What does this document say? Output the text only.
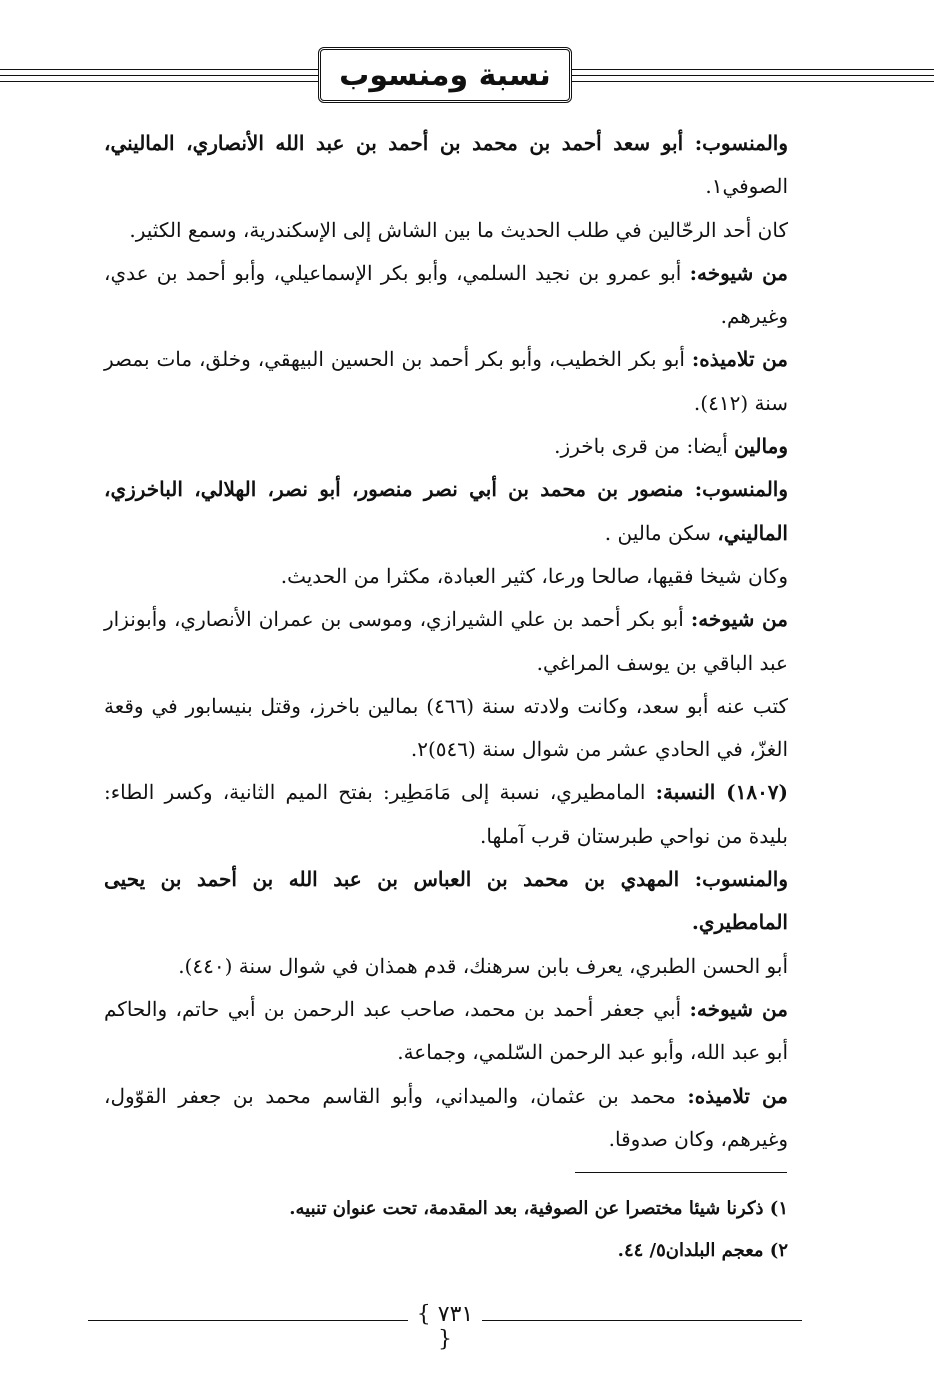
نسبة ومنسوب

والمنسوب: أبو سعد أحمد بن محمد بن أحمد بن عبد الله الأنصاري، الماليني، الصوفي١.

كان أحد الرحّالين في طلب الحديث ما بين الشاش إلى الإسكندرية، وسمع الكثير.

من شيوخه: أبو عمرو بن نجيد السلمي، وأبو بكر الإسماعيلي، وأبو أحمد بن عدي، وغيرهم.

من تلاميذه: أبو بكر الخطيب، وأبو بكر أحمد بن الحسين البيهقي، وخلق، مات بمصر سنة (٤١٢).

ومالين أيضا: من قرى باخرز.

والمنسوب: منصور بن محمد بن أبي نصر منصور، أبو نصر، الهلالي، الباخرزي، الماليني، سكن مالين .

وكان شيخا فقيها، صالحا ورعا، كثير العبادة، مكثرا من الحديث.

من شيوخه: أبو بكر أحمد بن علي الشيرازي، وموسى بن عمران الأنصاري، وأبونزار عبد الباقي بن يوسف المراغي.

كتب عنه أبو سعد، وكانت ولادته سنة (٤٦٦) بمالين باخرز، وقتل بنيسابور في وقعة الغزّ، في الحادي عشر من شوال سنة (٥٤٦)٢.

(١٨٠٧) النسبة: المامطيري، نسبة إلى مَامَطِير: بفتح الميم الثانية، وكسر الطاء: بليدة من نواحي طبرستان قرب آملها.

والمنسوب: المهدي بن محمد بن العباس بن عبد الله بن أحمد بن يحيى المامطيري.

أبو الحسن الطبري، يعرف بابن سرهنك، قدم همذان في شوال سنة (٤٤٠).

من شيوخه: أبي جعفر أحمد بن محمد، صاحب عبد الرحمن بن أبي حاتم، والحاكم أبو عبد الله، وأبو عبد الرحمن السّلمي، وجماعة.

من تلاميذه: محمد بن عثمان، والميداني، وأبو القاسم محمد بن جعفر القوّول، وغيرهم، وكان صدوقا.

١) ذكرنا شيئا مختصرا عن الصوفية، بعد المقدمة، تحت عنوان تنبيه.

٢) معجم البلدان٥/ ٤٤.

{ ٧٣١ }
